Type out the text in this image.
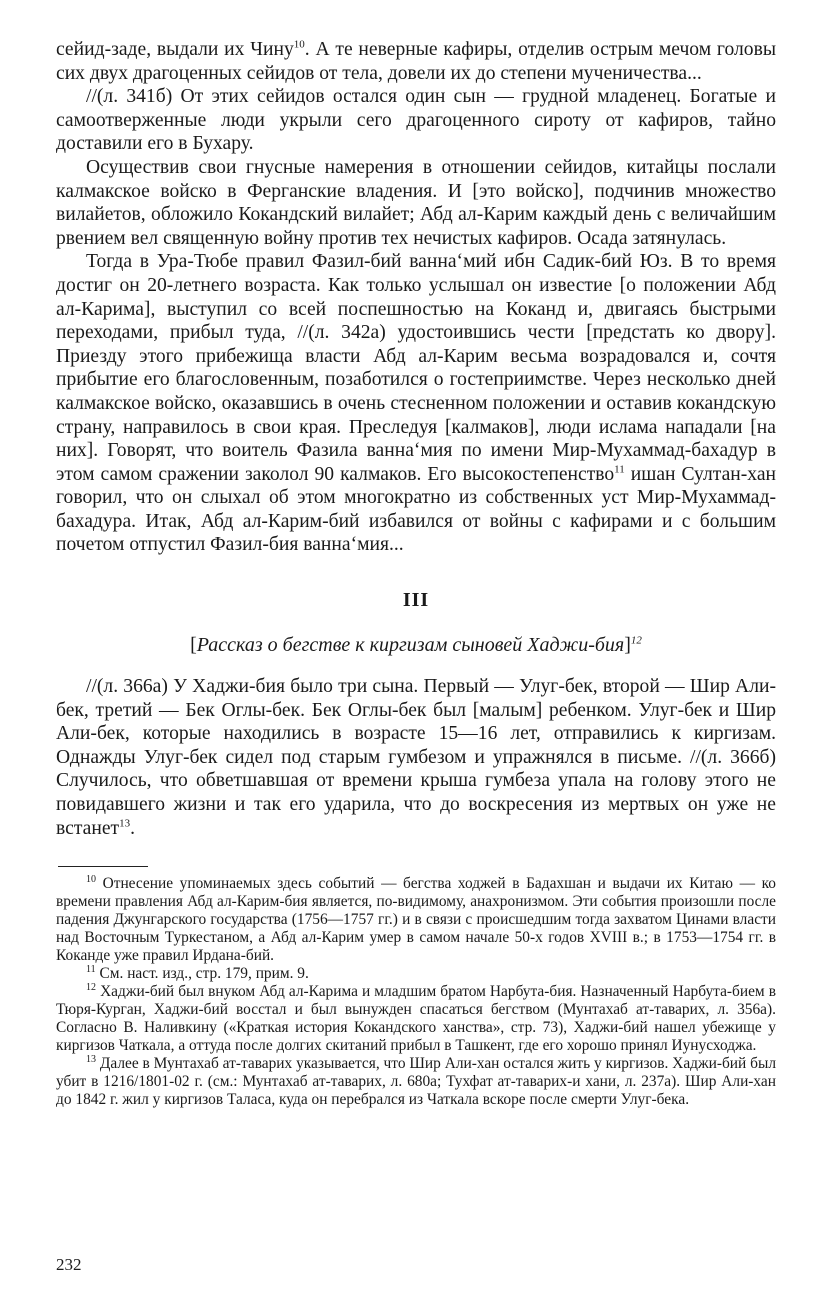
сейид-заде, выдали их Чину$^{10}$. А те неверные кафиры, отделив острым мечом головы сих двух драгоценных сейидов от тела, довели их до степени мученичества...

//(л. 341б) От этих сейидов остался один сын — грудной младенец. Богатые и самоотверженные люди укрыли сего драгоценного сироту от кафиров, тайно доставили его в Бухару.

Осуществив свои гнусные намерения в отношении сейидов, китайцы послали калмакское войско в Ферганские владения. И [это войско], подчинив множество вилайетов, обложило Кокандский вилайет; Абд ал-Карим каждый день с величайшим рвением вел священную войну против тех нечистых кафиров. Осада затянулась.

Тогда в Ура-Тюбе правил Фазил-бий ванна‘мий ибн Садик-бий Юз. В то время достиг он 20-летнего возраста. Как только услышал он известие [о положении Абд ал-Карима], выступил со всей поспешностью на Коканд и, двигаясь быстрыми переходами, прибыл туда, //(л. 342а) удостоившись чести [предстать ко двору]. Приезду этого прибежища власти Абд ал-Карим весьма возрадовался и, сочтя прибытие его благословенным, позаботился о гостеприимстве. Через несколько дней калмакское войско, оказавшись в очень стесненном положении и оставив кокандскую страну, направилось в свои края. Преследуя [калмаков], люди ислама нападали [на них]. Говорят, что воитель Фазила ванна‘мия по имени Мир-Мухаммад-бахадур в этом самом сражении заколол 90 калмаков. Его высокостепенство$^{11}$ ишан Султан-хан говорил, что он слыхал об этом многократно из собственных уст Мир-Мухаммад-бахадура. Итак, Абд ал-Карим-бий избавился от войны с кафирами и с большим почетом отпустил Фазил-бия ванна‘мия...

III
[Рассказ о бегстве к киргизам сыновей Хаджи-бия]$^{12}$

//(л. 366а) У Хаджи-бия было три сына. Первый — Улуг-бек, второй — Шир Али-бек, третий — Бек Оглы-бек. Бек Оглы-бек был [малым] ребенком. Улуг-бек и Шир Али-бек, которые находились в возрасте 15—16 лет, отправились к киргизам. Однажды Улуг-бек сидел под старым гумбезом и упражнялся в письме. //(л. 366б) Случилось, что обветшавшая от времени крыша гумбеза упала на голову этого не повидавшего жизни и так его ударила, что до воскресения из мертвых он уже не встанет$^{13}$.

$^{10}$ Отнесение упоминаемых здесь событий — бегства ходжей в Бадахшан и выдачи их Китаю — ко времени правления Абд ал-Карим-бия является, по-видимому, анахронизмом. Эти события произошли после падения Джунгарского государства (1756—1757 гг.) и в связи с происшедшим тогда захватом Цинами власти над Восточным Туркестаном, а Абд ал-Карим умер в самом начале 50-х годов XVIII в.; в 1753—1754 гг. в Коканде уже правил Ирдана-бий.

$^{11}$ См. наст. изд., стр. 179, прим. 9.

$^{12}$ Хаджи-бий был внуком Абд ал-Карима и младшим братом Нарбута-бия. Назначенный Нарбута-бием в Тюря-Курган, Хаджи-бий восстал и был вынужден спасаться бегством (Мунтахаб ат-таварих, л. 356а). Согласно В. Наливкину («Краткая история Кокандского ханства», стр. 73), Хаджи-бий нашел убежище у киргизов Чаткала, а оттуда после долгих скитаний прибыл в Ташкент, где его хорошо принял Иунусходжа.

$^{13}$ Далее в Мунтахаб ат-таварих указывается, что Шир Али-хан остался жить у киргизов. Хаджи-бий был убит в 1216/1801-02 г. (см.: Мунтахаб ат-таварих, л. 680а; Тухфат ат-таварих-и хани, л. 237а). Шир Али-хан до 1842 г. жил у киргизов Таласа, куда он перебрался из Чаткала вскоре после смерти Улуг-бека.

232
